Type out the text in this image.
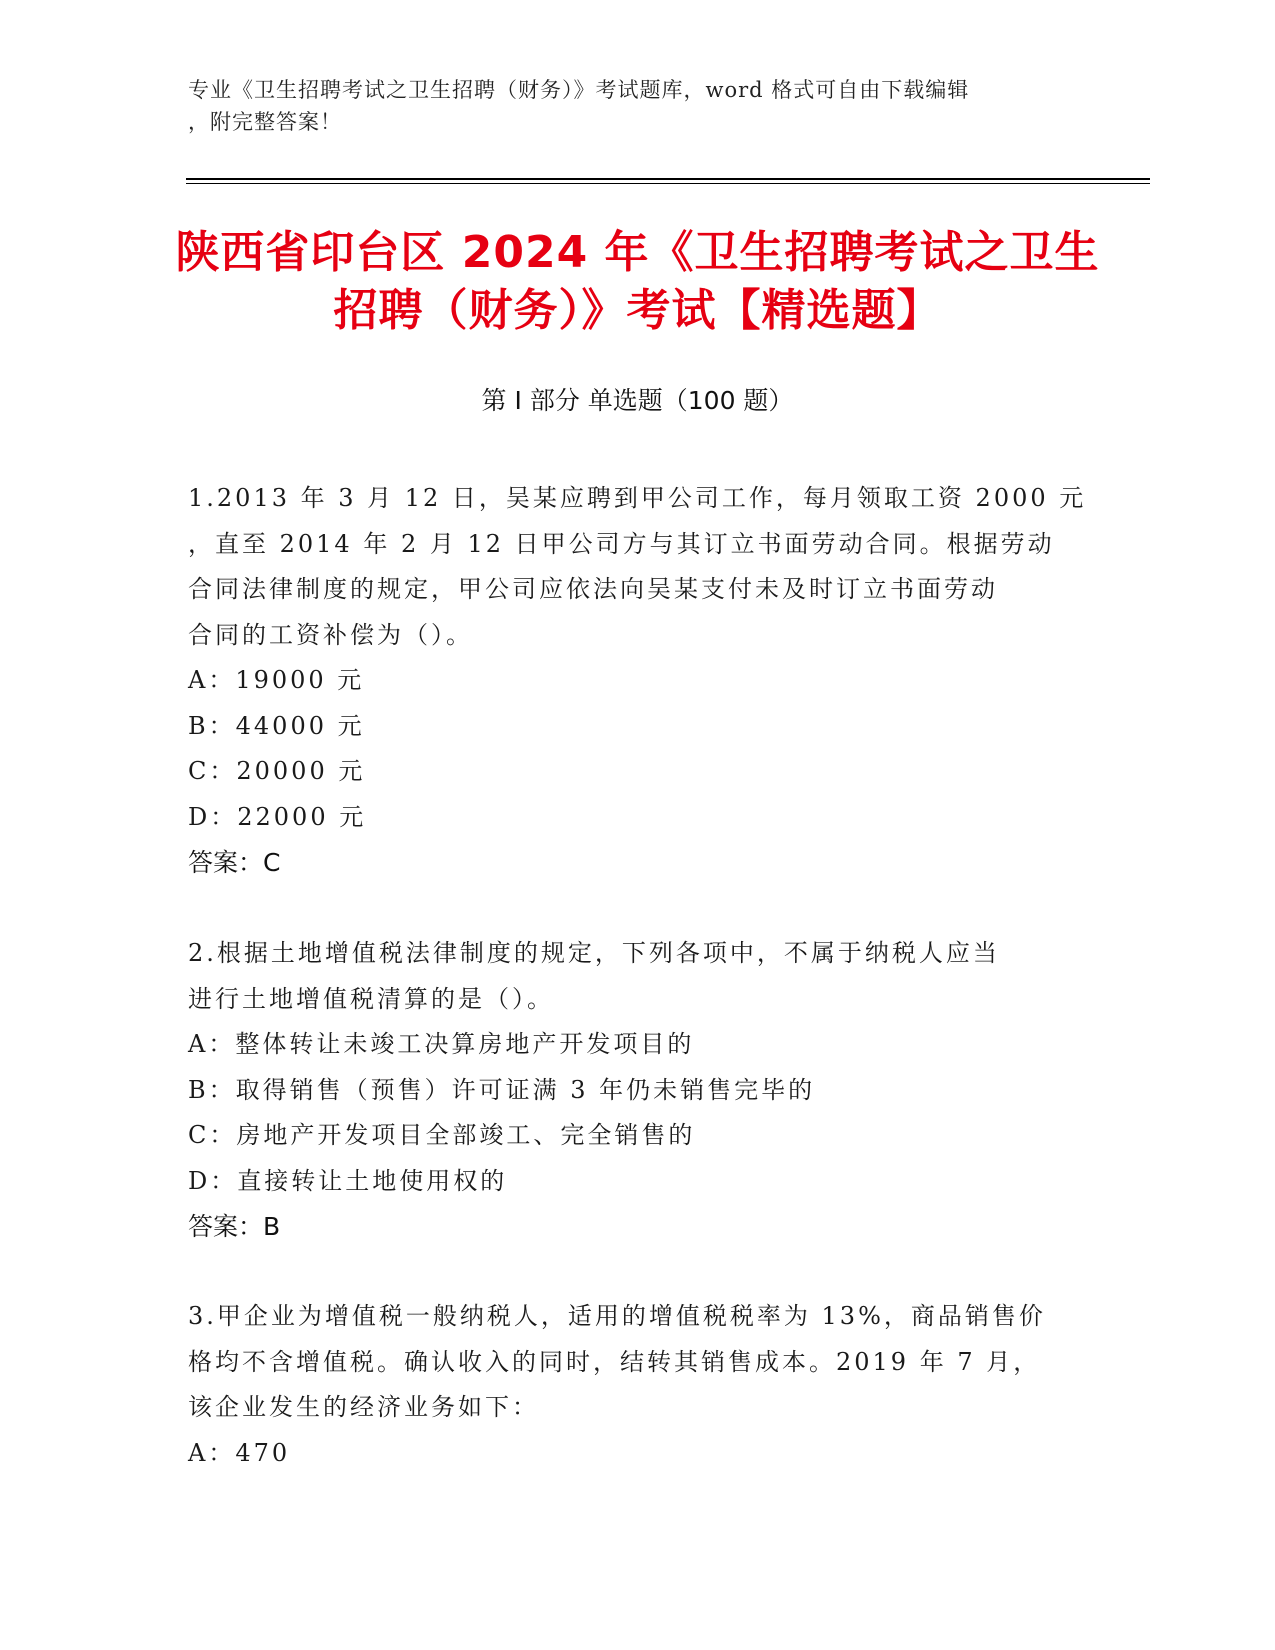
专业《卫生招聘考试之卫生招聘（财务）》考试题库，word 格式可自由下载编辑
，附完整答案！
陕西省印台区 2024 年《卫生招聘考试之卫生
招聘（财务）》考试【精选题】
第 I 部分 单选题（100 题）

1.2013 年 3 月 12 日，吴某应聘到甲公司工作，每月领取工资 2000 元

，直至 2014 年 2 月 12 日甲公司方与其订立书面劳动合同。根据劳动

合同法律制度的规定，甲公司应依法向吴某支付未及时订立书面劳动

合同的工资补偿为（）。

A：19000 元

B：44000 元

C：20000 元

D：22000 元

答案：C

2.根据土地增值税法律制度的规定，下列各项中，不属于纳税人应当

进行土地增值税清算的是（）。

A：整体转让未竣工决算房地产开发项目的

B：取得销售（预售）许可证满 3 年仍未销售完毕的

C：房地产开发项目全部竣工、完全销售的

D：直接转让土地使用权的

答案：B

3.甲企业为增值税一般纳税人，适用的增值税税率为 13%，商品销售价

格均不含增值税。确认收入的同时，结转其销售成本。2019 年 7 月，

该企业发生的经济业务如下：

A：470
